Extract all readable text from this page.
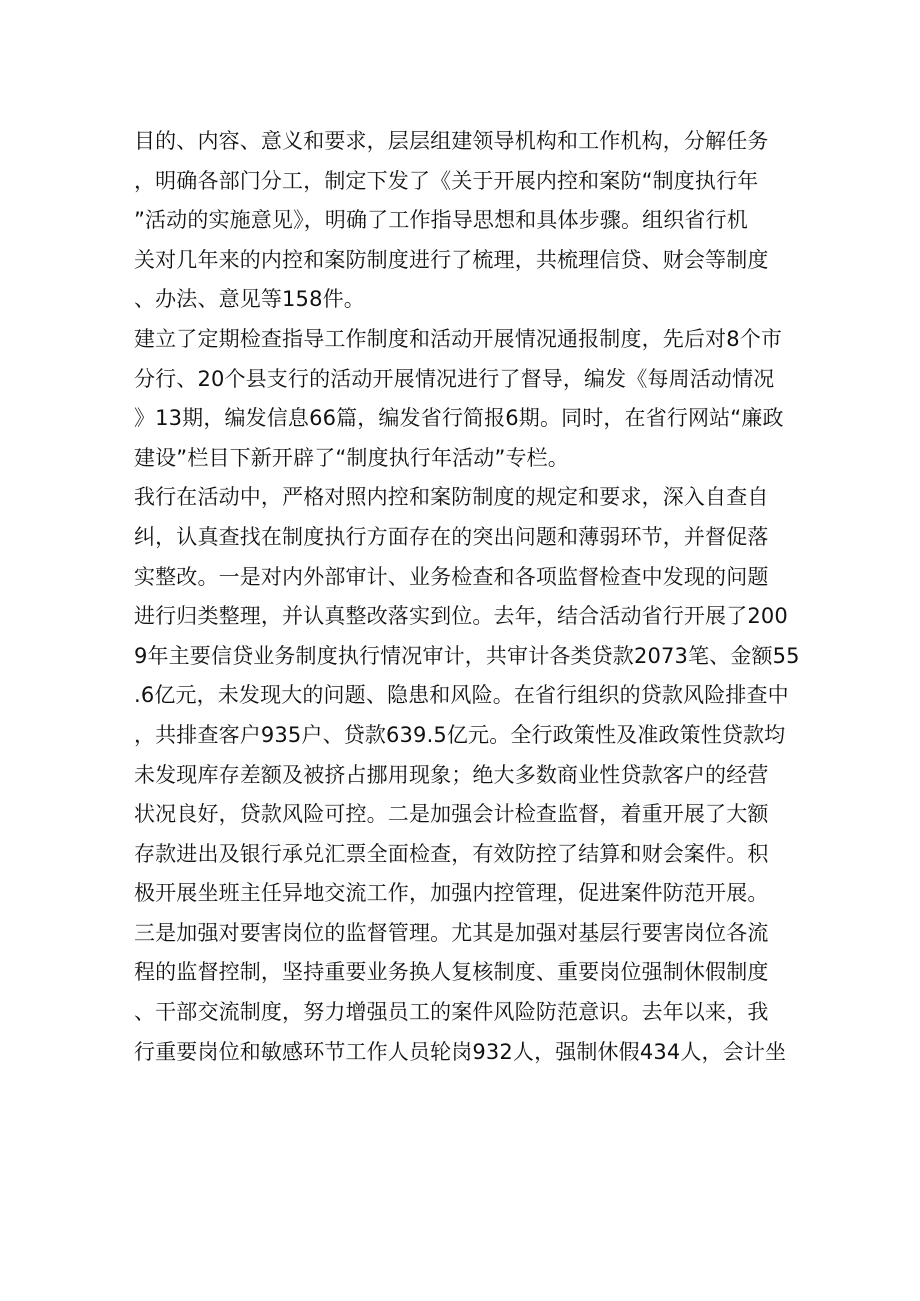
目的、内容、意义和要求，层层组建领导机构和工作机构，分解任务
，明确各部门分工，制定下发了《关于开展内控和案防“制度执行年
”活动的实施意见》，明确了工作指导思想和具体步骤。组织省行机
关对几年来的内控和案防制度进行了梳理，共梳理信贷、财会等制度
、办法、意见等158件。

建立了定期检查指导工作制度和活动开展情况通报制度，先后对8个市
分行、20个县支行的活动开展情况进行了督导，编发《每周活动情况
》13期，编发信息66篇，编发省行简报6期。同时，在省行网站“廉政
建设”栏目下新开辟了“制度执行年活动”专栏。

我行在活动中，严格对照内控和案防制度的规定和要求，深入自查自
纠，认真查找在制度执行方面存在的突出问题和薄弱环节，并督促落
实整改。一是对内外部审计、业务检查和各项监督检查中发现的问题
进行归类整理，并认真整改落实到位。去年，结合活动省行开展了200
9年主要信贷业务制度执行情况审计，共审计各类贷款2073笔、金额55
.6亿元，未发现大的问题、隐患和风险。在省行组织的贷款风险排查中
，共排查客户935户、贷款639.5亿元。全行政策性及准政策性贷款均
未发现库存差额及被挤占挪用现象；绝大多数商业性贷款客户的经营
状况良好，贷款风险可控。二是加强会计检查监督，着重开展了大额
存款进出及银行承兑汇票全面检查，有效防控了结算和财会案件。积
极开展坐班主任异地交流工作，加强内控管理，促进案件防范开展。
三是加强对要害岗位的监督管理。尤其是加强对基层行要害岗位各流
程的监督控制，坚持重要业务换人复核制度、重要岗位强制休假制度
、干部交流制度，努力增强员工的案件风险防范意识。去年以来，我
行重要岗位和敏感环节工作人员轮岗932人，强制休假434人，会计坐
